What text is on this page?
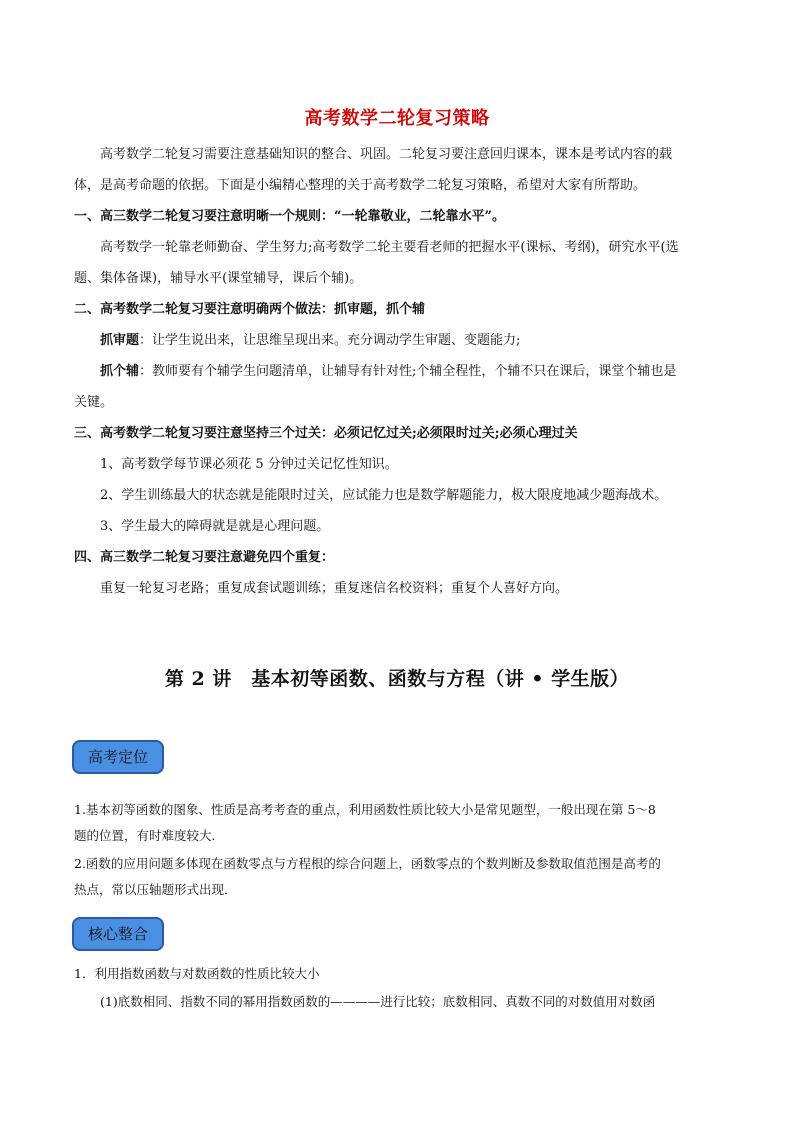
高考数学二轮复习策略
高考数学二轮复习需要注意基础知识的整合、巩固。二轮复习要注意回归课本，课本是考试内容的载
体，是高考命题的依据。下面是小编精心整理的关于高考数学二轮复习策略，希望对大家有所帮助。
一、高三数学二轮复习要注意明晰一个规则：“一轮靠敬业，二轮靠水平”。
高考数学一轮靠老师勤奋、学生努力;高考数学二轮主要看老师的把握水平(课标、考纲)，研究水平(选
题、集体备课)，辅导水平(课堂辅导，课后个辅)。
二、高考数学二轮复习要注意明确两个做法：抓审题，抓个辅
抓审题：让学生说出来，让思维呈现出来。充分调动学生审题、变题能力;
抓个辅：教师要有个辅学生问题清单，让辅导有针对性;个辅全程性，个辅不只在课后，课堂个辅也是
关键。
三、高考数学二轮复习要注意坚持三个过关：必须记忆过关;必须限时过关;必须心理过关
1、高考数学每节课必须花 5 分钟过关记忆性知识。
2、学生训练最大的状态就是能限时过关，应试能力也是数学解题能力，极大限度地减少题海战术。
3、学生最大的障碍就是就是心理问题。
四、高三数学二轮复习要注意避免四个重复：
重复一轮复习老路；重复成套试题训练；重复迷信名校资料；重复个人喜好方向。
第 2 讲　基本初等函数、函数与方程（讲 • 学生版）
高考定位
1.基本初等函数的图象、性质是高考考查的重点，利用函数性质比较大小是常见题型，一般出现在第 5～8
题的位置，有时难度较大．
2.函数的应用问题多体现在函数零点与方程根的综合问题上，函数零点的个数判断及参数取值范围是高考的
热点，常以压轴题形式出现．
核心整合
1．利用指数函数与对数函数的性质比较大小
(1)底数相同、指数不同的幂用指数函数的————进行比较；底数相同、真数不同的对数值用对数函
